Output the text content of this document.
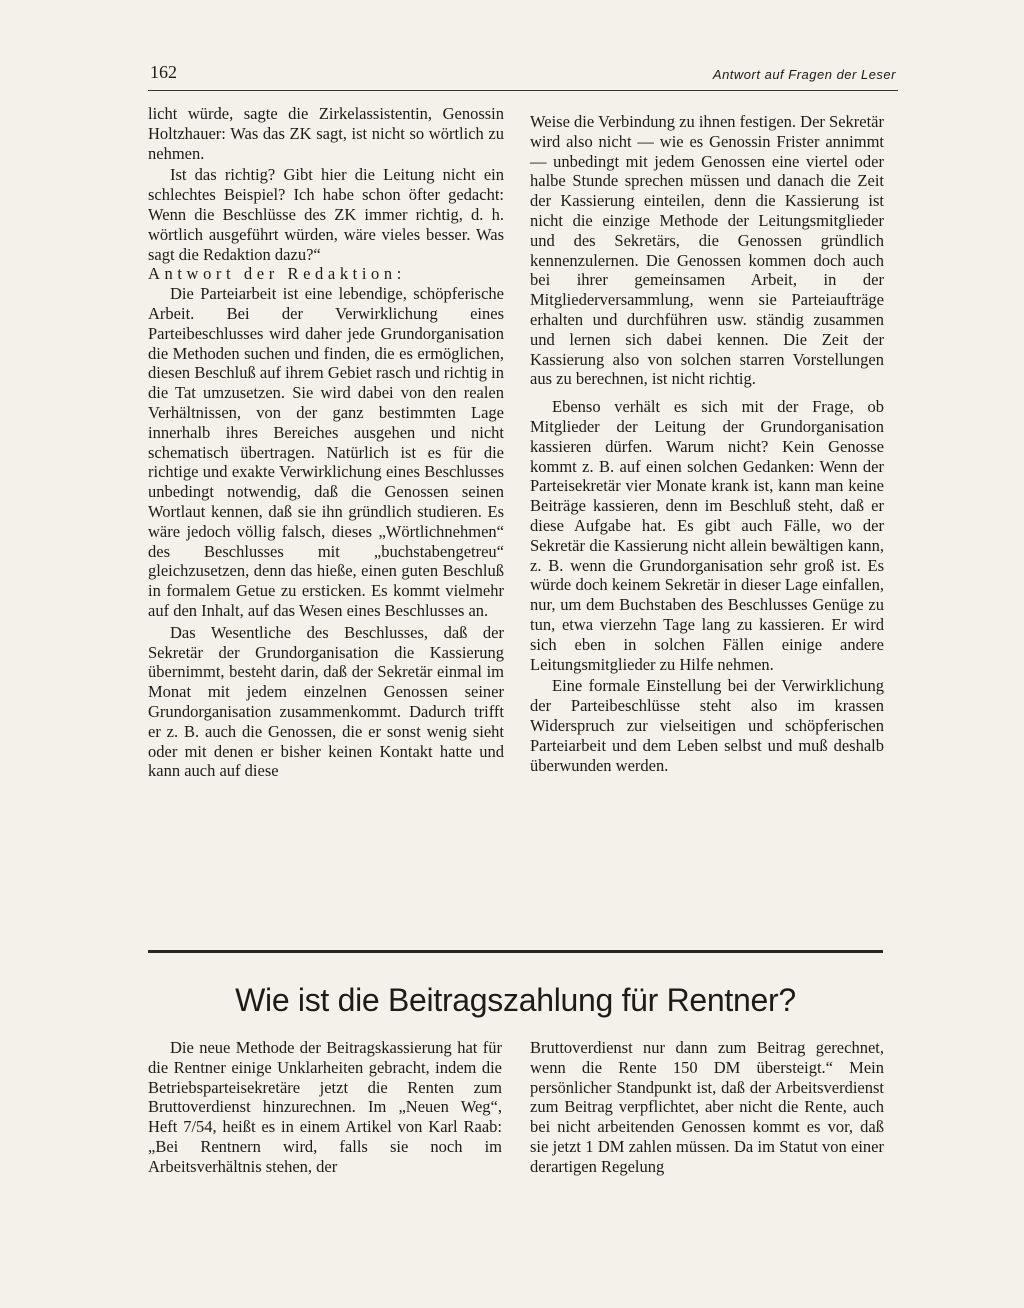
162	Antwort auf Fragen der Leser

licht würde, sagte die Zirkelassistentin, Genossin Holtzhauer: Was das ZK sagt, ist nicht so wörtlich zu nehmen.

Ist das richtig? Gibt hier die Leitung nicht ein schlechtes Beispiel? Ich habe schon öfter gedacht: Wenn die Beschlüsse des ZK immer richtig, d. h. wörtlich ausgeführt würden, wäre vieles besser. Was sagt die Redaktion dazu?“

Antwort der Redaktion:

Die Parteiarbeit ist eine lebendige, schöpferische Arbeit. Bei der Verwirklichung eines Parteibeschlusses wird daher jede Grundorganisation die Methoden suchen und finden, die es ermöglichen, diesen Beschluß auf ihrem Gebiet rasch und richtig in die Tat umzusetzen. Sie wird dabei von den realen Verhältnissen, von der ganz bestimmten Lage innerhalb ihres Bereiches ausgehen und nicht schematisch übertragen. Natürlich ist es für die richtige und exakte Verwirklichung eines Beschlusses unbedingt notwendig, daß die Genossen seinen Wortlaut kennen, daß sie ihn gründlich studieren. Es wäre jedoch völlig falsch, dieses „Wörtlichnehmen“ des Beschlusses mit „buchstabengetreu“ gleichzusetzen, denn das hieße, einen guten Beschluß in formalem Getue zu ersticken. Es kommt vielmehr auf den Inhalt, auf das Wesen eines Beschlusses an.

Das Wesentliche des Beschlusses, daß der Sekretär der Grundorganisation die Kassierung übernimmt, besteht darin, daß der Sekretär einmal im Monat mit jedem einzelnen Genossen seiner Grundorganisation zusammenkommt. Dadurch trifft er z. B. auch die Genossen, die er sonst wenig sieht oder mit denen er bisher keinen Kontakt hatte und kann auch auf diese

Weise die Verbindung zu ihnen festigen. Der Sekretär wird also nicht — wie es Genossin Frister annimmt — unbedingt mit jedem Genossen eine viertel oder halbe Stunde sprechen müssen und danach die Zeit der Kassierung einteilen, denn die Kassierung ist nicht die einzige Methode der Leitungsmitglieder und des Sekretärs, die Genossen gründlich kennenzulernen. Die Genossen kommen doch auch bei ihrer gemeinsamen Arbeit, in der Mitgliederversammlung, wenn sie Parteiaufträge erhalten und durchführen usw. ständig zusammen und lernen sich dabei kennen. Die Zeit der Kassierung also von solchen starren Vorstellungen aus zu berechnen, ist nicht richtig.

Ebenso verhält es sich mit der Frage, ob Mitglieder der Leitung der Grundorganisation kassieren dürfen. Warum nicht? Kein Genosse kommt z. B. auf einen solchen Gedanken: Wenn der Parteisekretär vier Monate krank ist, kann man keine Beiträge kassieren, denn im Beschluß steht, daß er diese Aufgabe hat. Es gibt auch Fälle, wo der Sekretär die Kassierung nicht allein bewältigen kann, z. B. wenn die Grundorganisation sehr groß ist. Es würde doch keinem Sekretär in dieser Lage einfallen, nur, um dem Buchstaben des Beschlusses Genüge zu tun, etwa vierzehn Tage lang zu kassieren. Er wird sich eben in solchen Fällen einige andere Leitungsmitglieder zu Hilfe nehmen.

Eine formale Einstellung bei der Verwirklichung der Parteibeschlüsse steht also im krassen Widerspruch zur vielseitigen und schöpferischen Parteiarbeit und dem Leben selbst und muß deshalb überwunden werden.

Wie ist die Beitragszahlung für Rentner?

Die neue Methode der Beitragskassierung hat für die Rentner einige Unklarheiten gebracht, indem die Betriebsparteisekretäre jetzt die Renten zum Bruttoverdienst hinzurechnen. Im „Neuen Weg“, Heft 7/54, heißt es in einem Artikel von Karl Raab: „Bei Rentnern wird, falls sie noch im Arbeitsverhältnis stehen, der

Bruttoverdienst nur dann zum Beitrag gerechnet, wenn die Rente 150 DM übersteigt.“ Mein persönlicher Standpunkt ist, daß der Arbeitsverdienst zum Beitrag verpflichtet, aber nicht die Rente, auch bei nicht arbeitenden Genossen kommt es vor, daß sie jetzt 1 DM zahlen müssen. Da im Statut von einer derartigen Regelung
